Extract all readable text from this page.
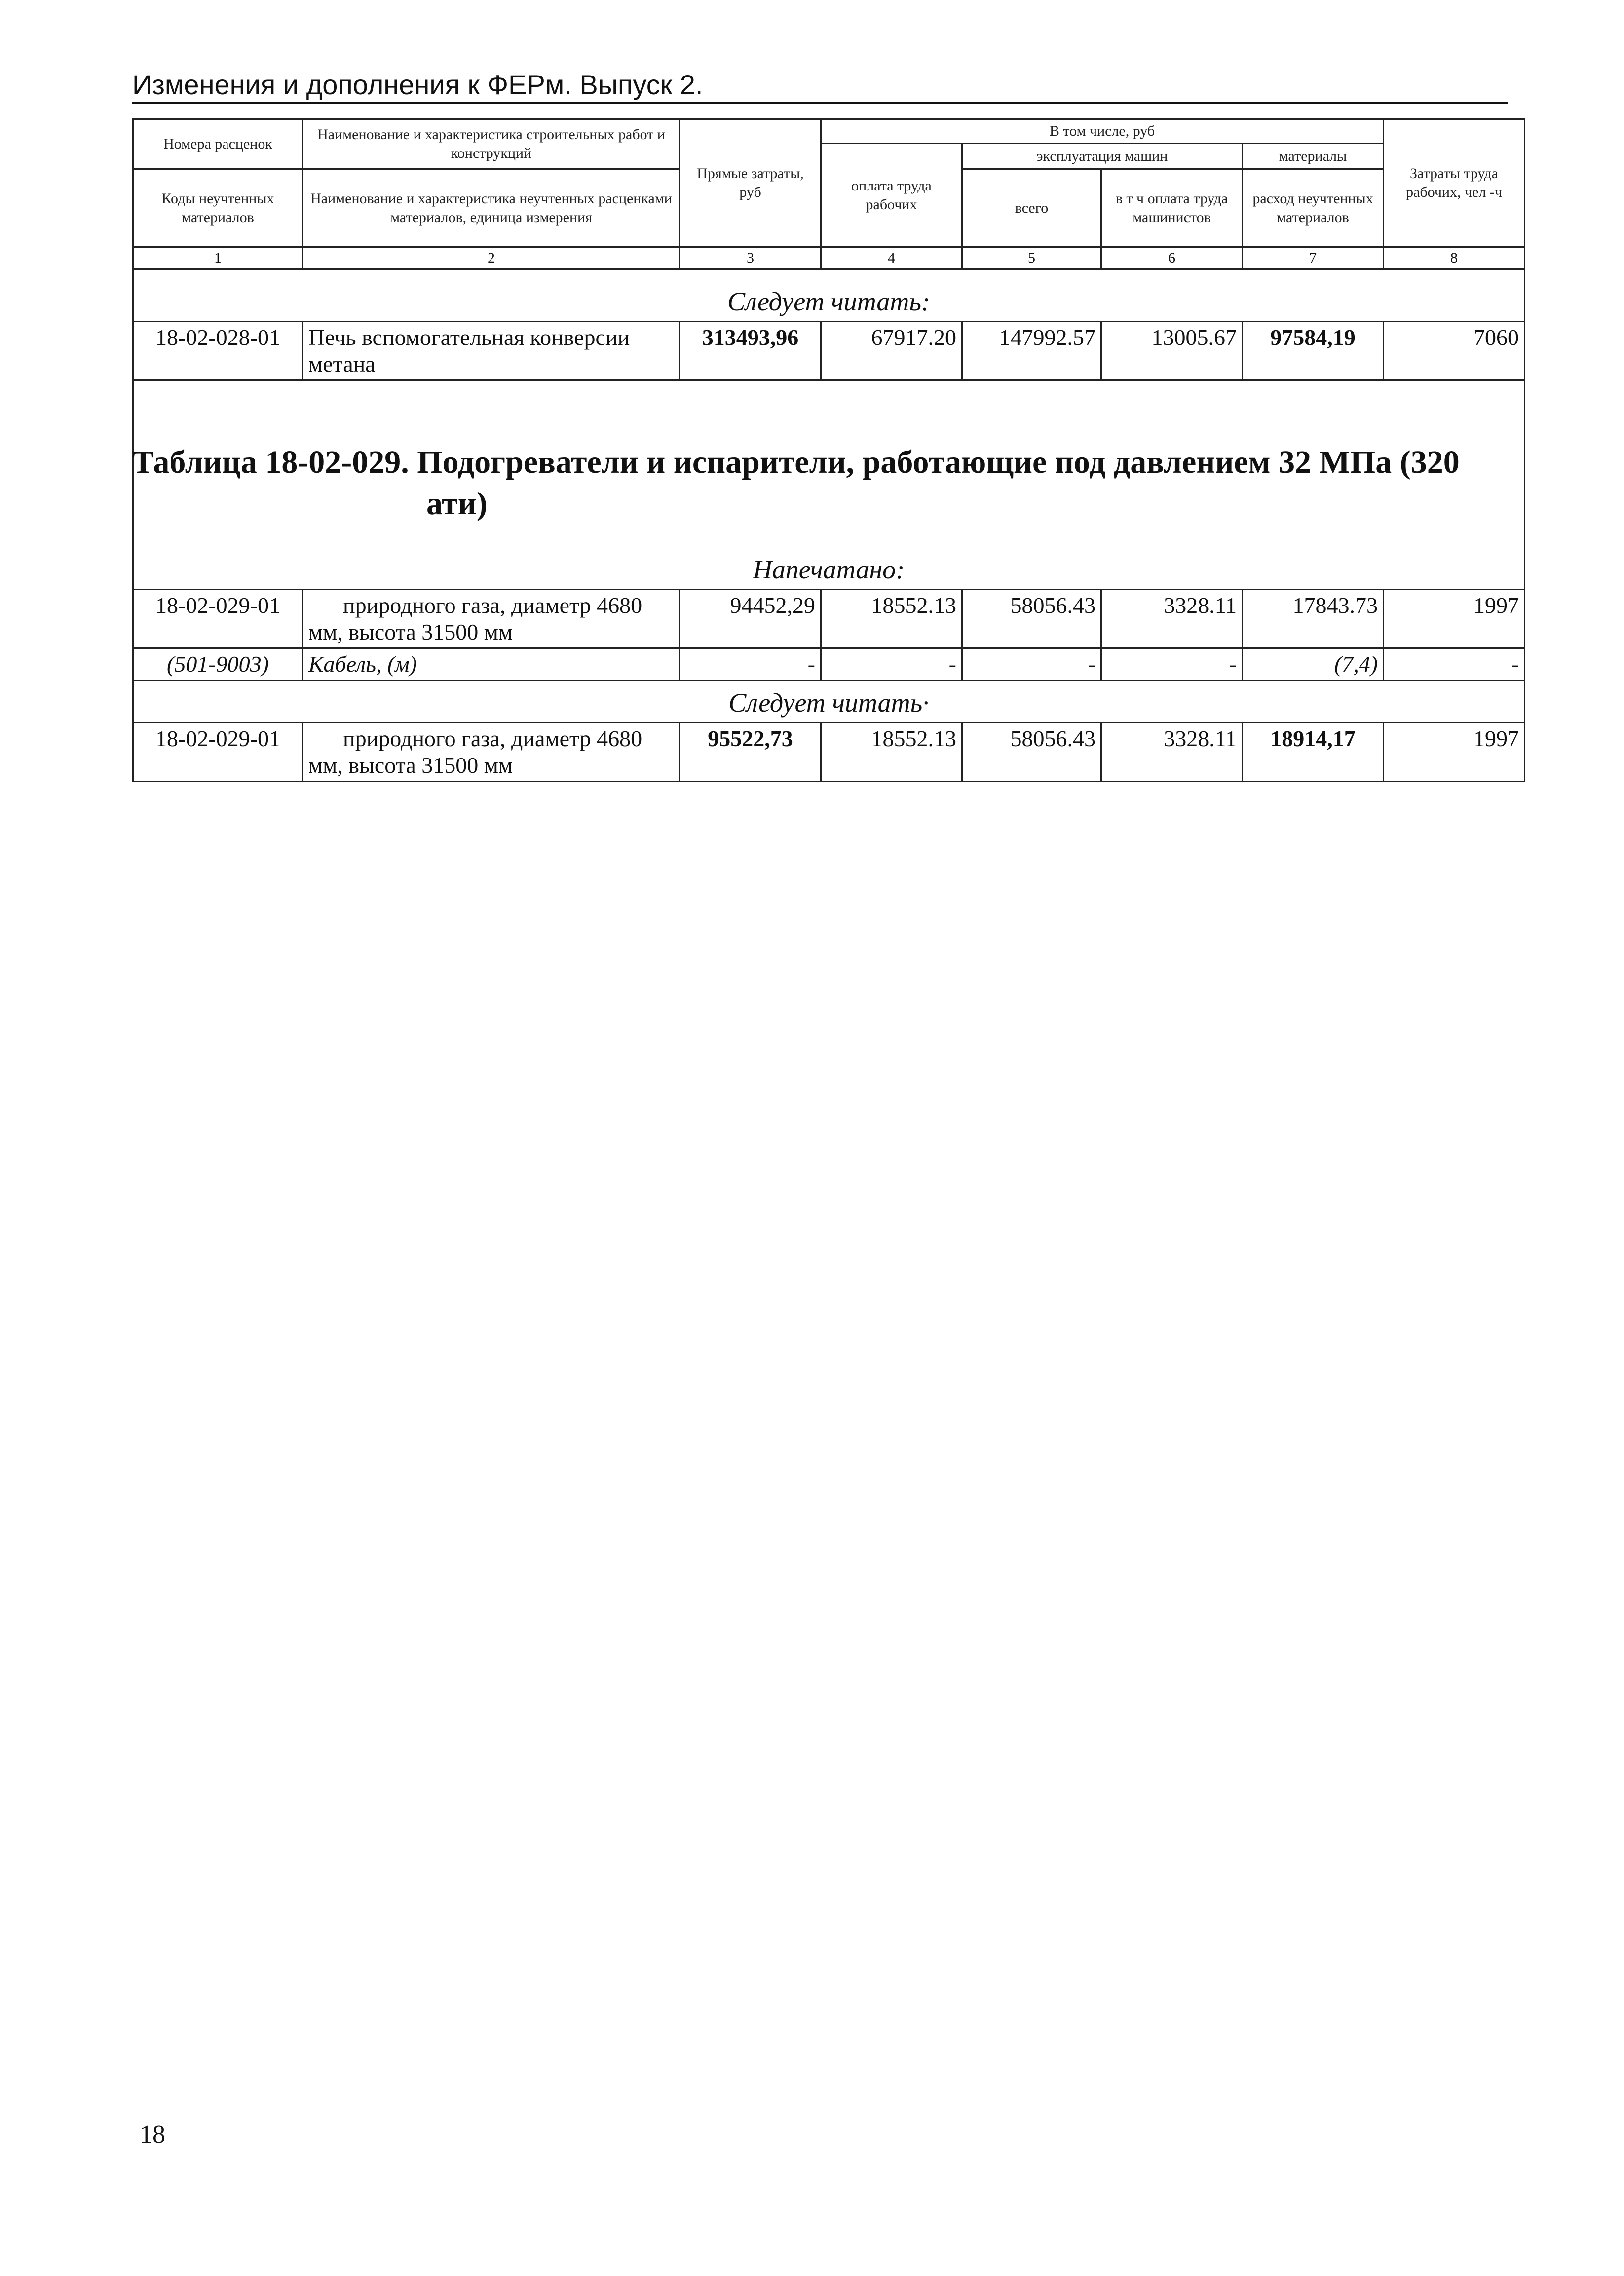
Изменения и дополнения к ФЕРм. Выпуск 2.
Номера расценок	Наименование и характеристика строительных работ и конструкций	Прямые затраты, руб	В том числе, руб				Затраты труда рабочих, чел -ч
			оплата труда рабочих	эксплуатация машин		материалы	
Коды неучтенных материалов	Наименование и характеристика неучтенных расценками материалов, единица измерения			всего	в т ч оплата труда машинистов	расход неучтенных материалов	

1	2	3	4	5	6	7	8
Следует читать:							
18-02-028-01	Печь вспомогательная конверсии метана	313493,96	67917.20	147992.57	13005.67	97584,19	7060

Напечатано:							
18-02-029-01	природного газа, диаметр 4680 мм, высота 31500 мм	94452,29	18552.13	58056.43	3328.11	17843.73	1997
(501-9003)	Кабель, (м)	-	-	-	-	(7,4)	-
Следует читать·							
18-02-029-01	природного газа, диаметр 4680 мм, высота 31500 мм	95522,73	18552.13	58056.43	3328.11	18914,17	1997
Таблица 18-02-029. Подогреватели и испарители, работающие под давлением 32 МПа (320
ати)
18
